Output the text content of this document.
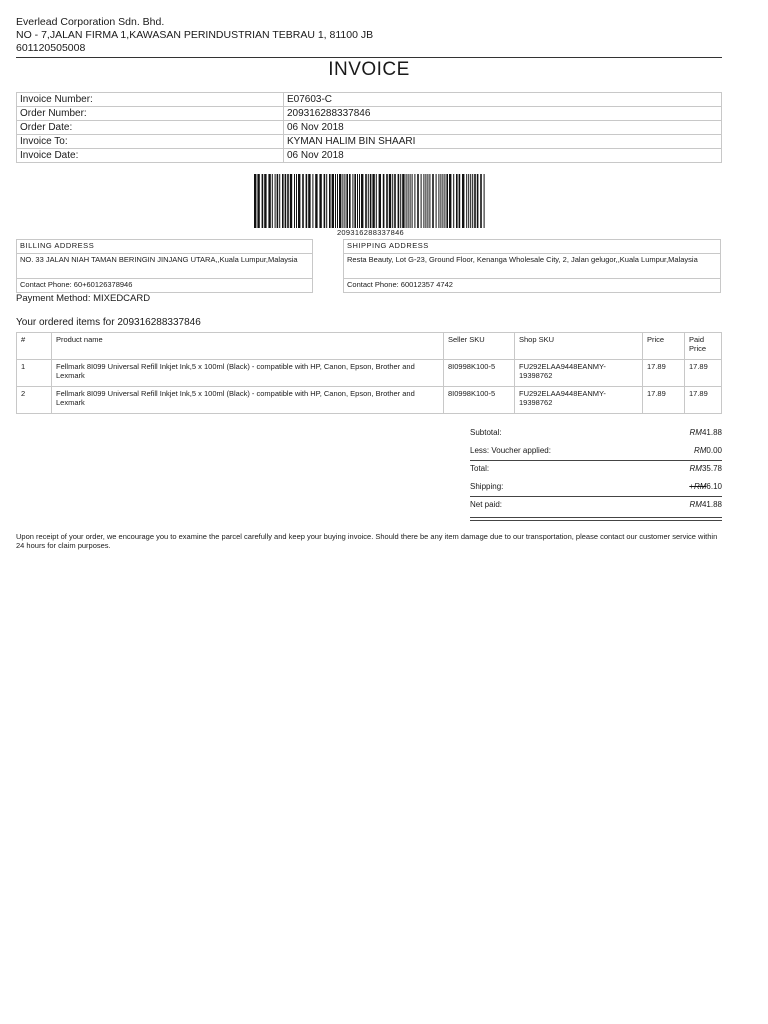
Everlead Corporation Sdn. Bhd.
NO - 7,JALAN FIRMA 1,KAWASAN PERINDUSTRIAN TEBRAU 1, 81100 JB
601120505008
INVOICE
Invoice Number:	E07603-C
Order Number:	209316288337846
Order Date:	06 Nov 2018
Invoice To:	KYMAN HALIM BIN SHAARI
Invoice Date:	06 Nov 2018
209316288337846
BILLING ADDRESS
NO. 33 JALAN NIAH TAMAN BERINGIN JINJANG UTARA,,Kuala Lumpur,Malaysia
Contact Phone: 60+60126378946
SHIPPING ADDRESS
Resta Beauty, Lot G-23, Ground Floor, Kenanga Wholesale City, 2, Jalan gelugor,,Kuala Lumpur,Malaysia
Contact Phone: 60012357 4742
Payment Method: MIXEDCARD
Your ordered items for 209316288337846
#	Product name	Seller SKU	Shop SKU	Price	Paid Price
1	Fellmark 8I099 Universal Refill Inkjet Ink,5 x 100ml (Black) - compatible with HP, Canon, Epson, Brother and Lexmark	8I0998K100-5	FU292ELAA9448EANMY-19398762	17.89	17.89
2	Fellmark 8I099 Universal Refill Inkjet Ink,5 x 100ml (Black) - compatible with HP, Canon, Epson, Brother and Lexmark	8I0998K100-5	FU292ELAA9448EANMY-19398762	17.89	17.89
Subtotal:	RM41.88
Less: Voucher applied:	RM0.00
Total:	RM35.78
Shipping:	+RM6.10
Net paid:	RM41.88
Upon receipt of your order, we encourage you to examine the parcel carefully and keep your buying invoice. Should there be any item damage due to our transportation, please contact our customer service within 24 hours for claim purposes.
